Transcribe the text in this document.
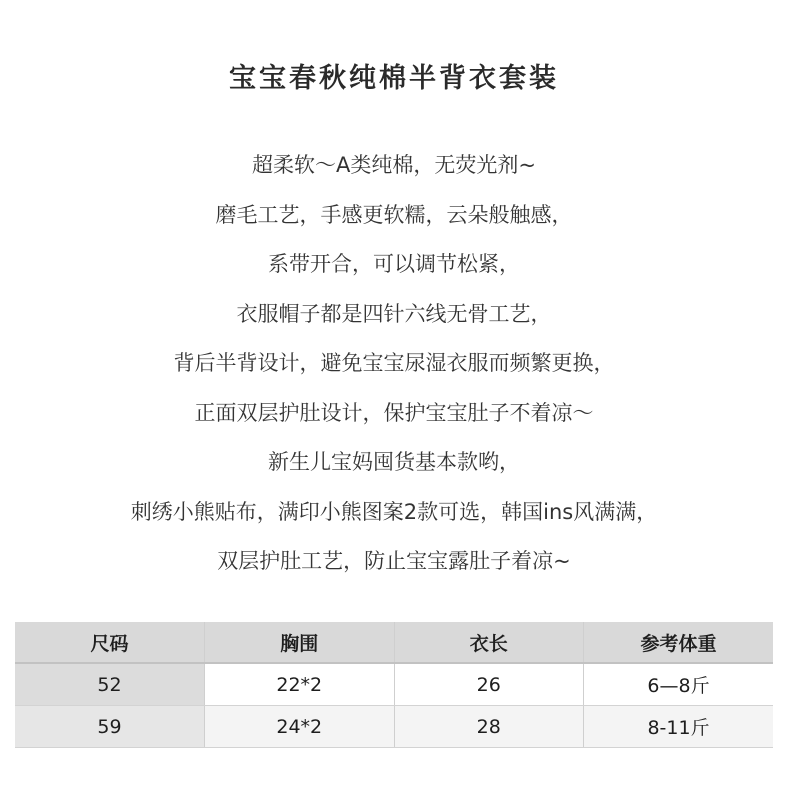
宝宝春秋纯棉半背衣套装
超柔软～A类纯棉，无荧光剂~
磨毛工艺，手感更软糯，云朵般触感，
系带开合，可以调节松紧，
衣服帽子都是四针六线无骨工艺，
背后半背设计，避免宝宝尿湿衣服而频繁更换，
正面双层护肚设计，保护宝宝肚子不着凉～
新生儿宝妈囤货基本款哟，
刺绣小熊贴布，满印小熊图案2款可选，韩国ins风满满，
双层护肚工艺，防止宝宝露肚子着凉~
尺码	胸围	衣长	参考体重
52	22*2	26	6—8斤
59	24*2	28	8-11斤
